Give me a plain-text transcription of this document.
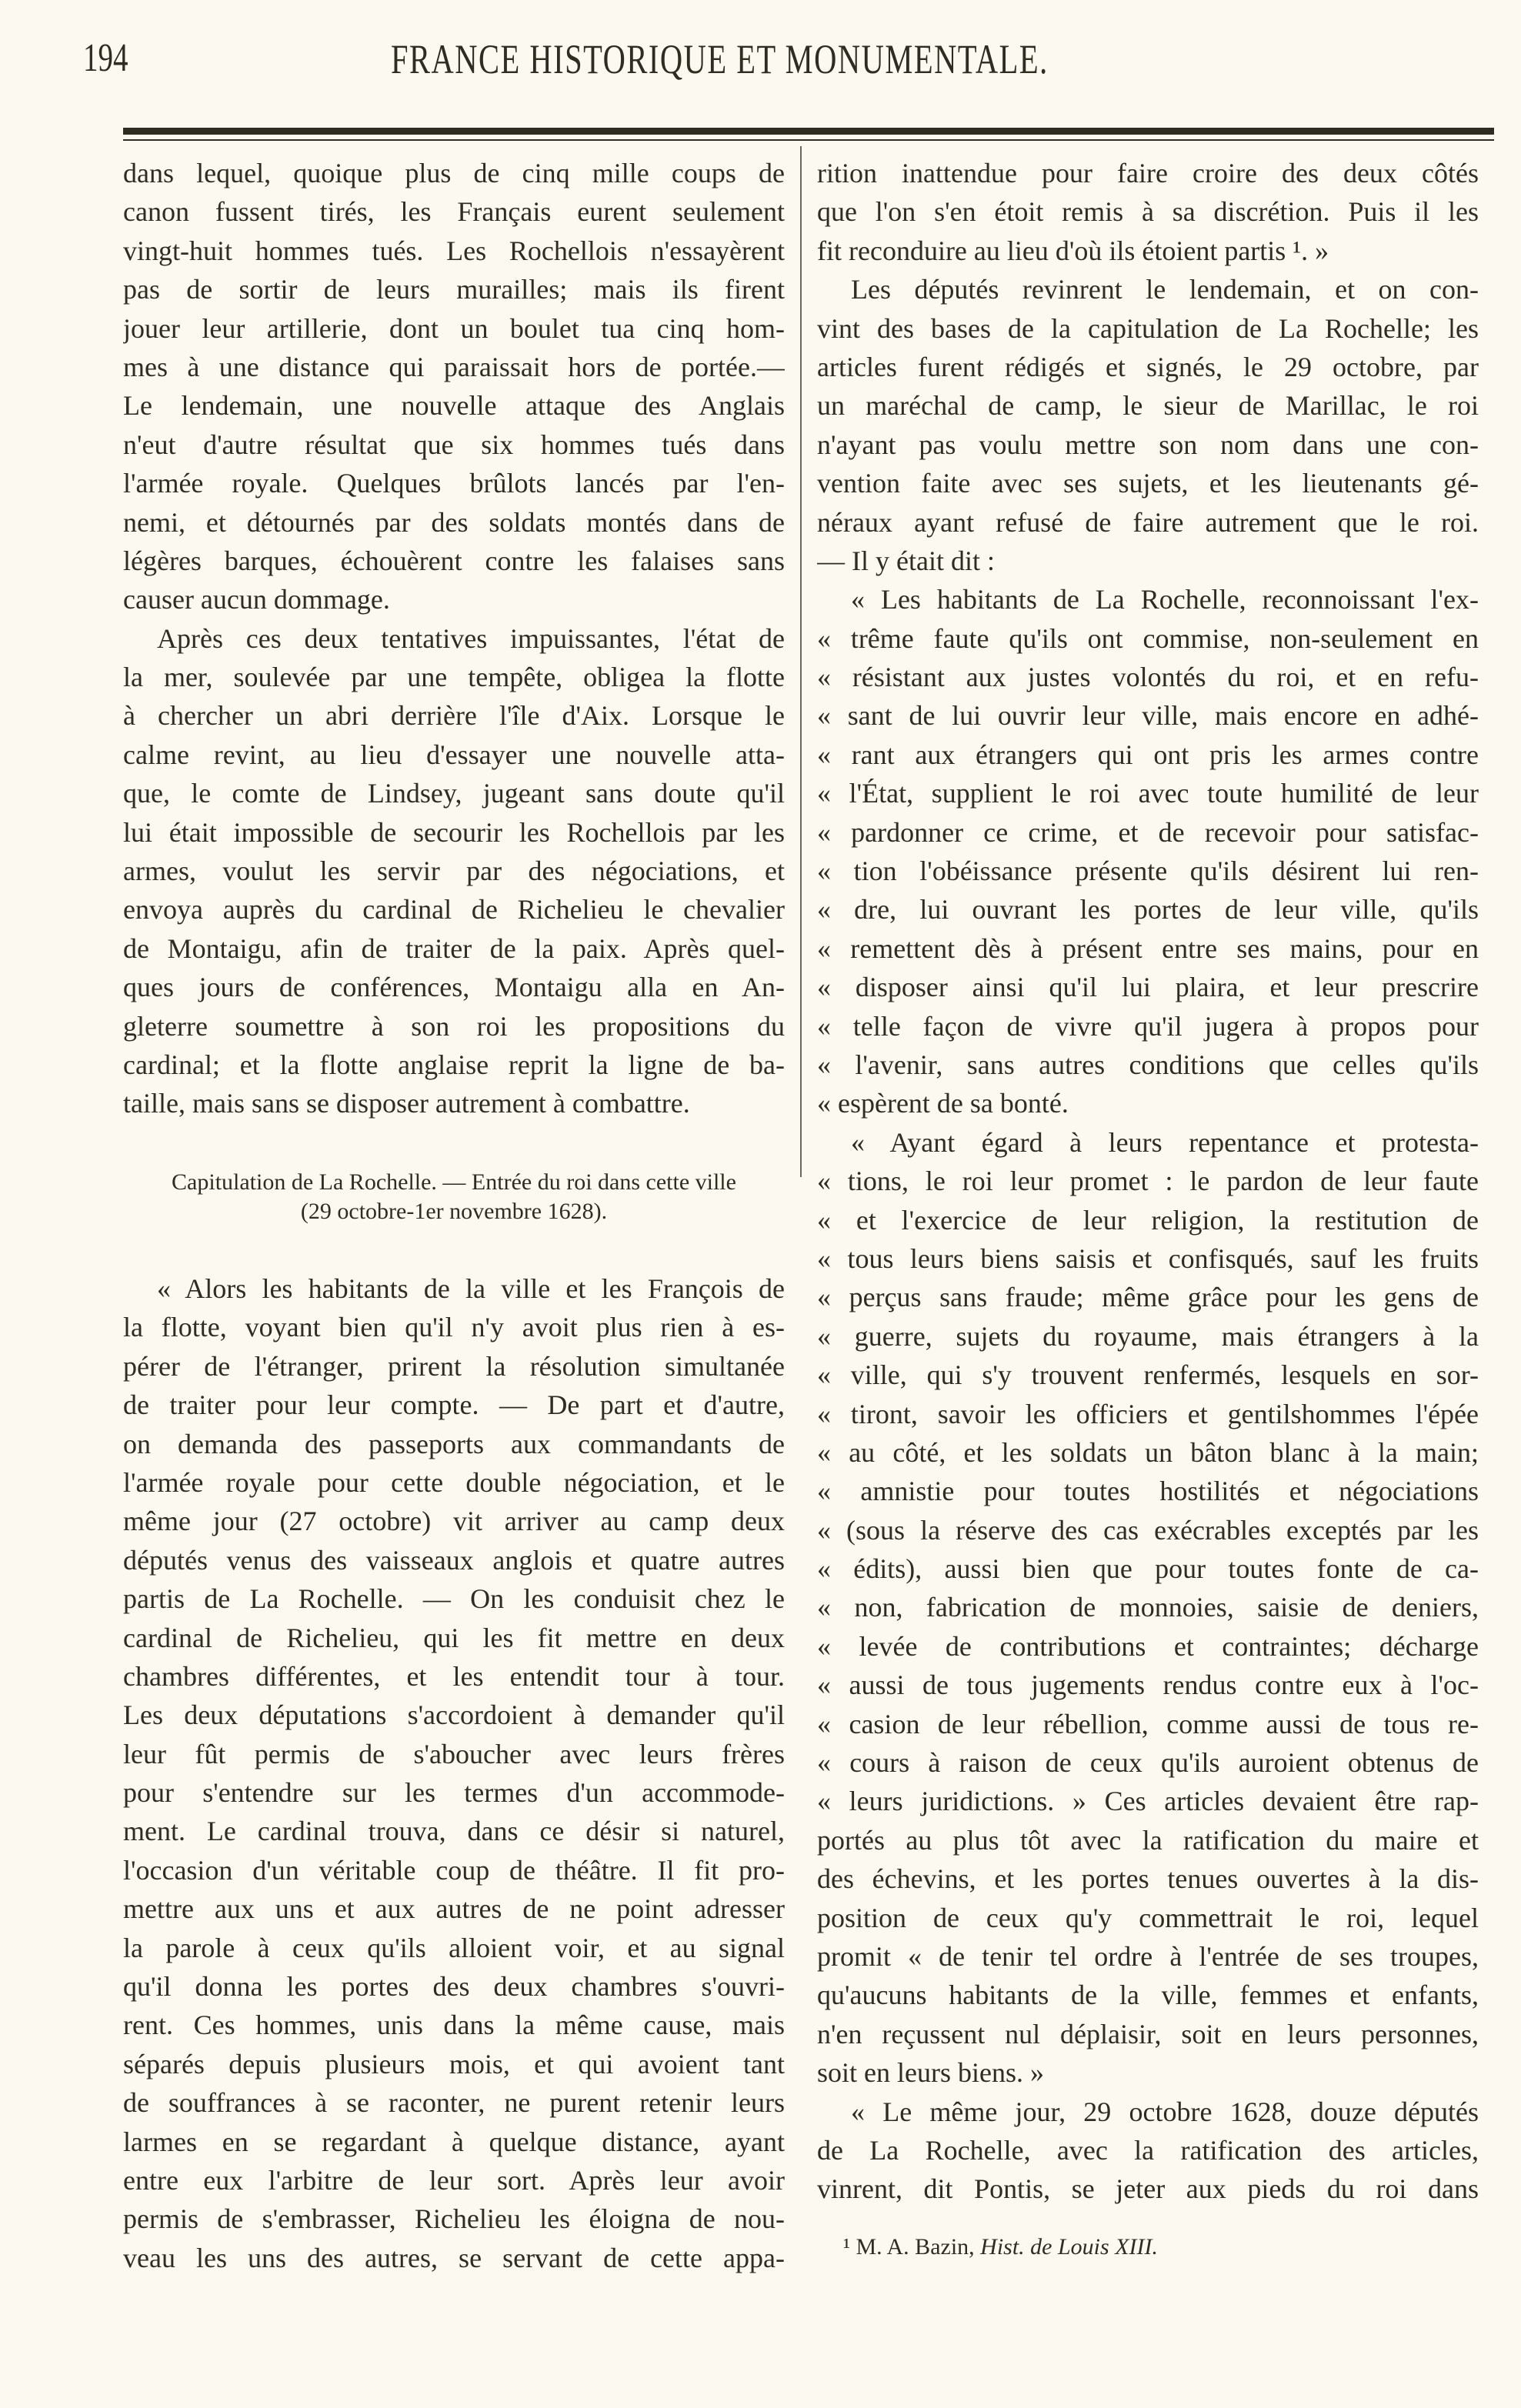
194	FRANCE HISTORIQUE ET MONUMENTALE.
dans lequel, quoique plus de cinq mille coups de
canon fussent tirés, les Français eurent seulement
vingt-huit hommes tués. Les Rochellois n'essayèrent
pas de sortir de leurs murailles; mais ils firent
jouer leur artillerie, dont un boulet tua cinq hom-
mes à une distance qui paraissait hors de portée.—
Le lendemain, une nouvelle attaque des Anglais
n'eut d'autre résultat que six hommes tués dans
l'armée royale. Quelques brûlots lancés par l'en-
nemi, et détournés par des soldats montés dans de
légères barques, échouèrent contre les falaises sans
causer aucun dommage.
Après ces deux tentatives impuissantes, l'état de
la mer, soulevée par une tempête, obligea la flotte
à chercher un abri derrière l'île d'Aix. Lorsque le
calme revint, au lieu d'essayer une nouvelle atta-
que, le comte de Lindsey, jugeant sans doute qu'il
lui était impossible de secourir les Rochellois par les
armes, voulut les servir par des négociations, et
envoya auprès du cardinal de Richelieu le chevalier
de Montaigu, afin de traiter de la paix. Après quel-
ques jours de conférences, Montaigu alla en An-
gleterre soumettre à son roi les propositions du
cardinal; et la flotte anglaise reprit la ligne de ba-
taille, mais sans se disposer autrement à combattre.
Capitulation de La Rochelle. — Entrée du roi dans cette ville
(29 octobre-1er novembre 1628).
« Alors les habitants de la ville et les François de
la flotte, voyant bien qu'il n'y avoit plus rien à es-
pérer de l'étranger, prirent la résolution simultanée
de traiter pour leur compte. — De part et d'autre,
on demanda des passeports aux commandants de
l'armée royale pour cette double négociation, et le
même jour (27 octobre) vit arriver au camp deux
députés venus des vaisseaux anglois et quatre autres
partis de La Rochelle. — On les conduisit chez le
cardinal de Richelieu, qui les fit mettre en deux
chambres différentes, et les entendit tour à tour.
Les deux députations s'accordoient à demander qu'il
leur fût permis de s'aboucher avec leurs frères
pour s'entendre sur les termes d'un accommode-
ment. Le cardinal trouva, dans ce désir si naturel,
l'occasion d'un véritable coup de théâtre. Il fit pro-
mettre aux uns et aux autres de ne point adresser
la parole à ceux qu'ils alloient voir, et au signal
qu'il donna les portes des deux chambres s'ouvri-
rent. Ces hommes, unis dans la même cause, mais
séparés depuis plusieurs mois, et qui avoient tant
de souffrances à se raconter, ne purent retenir leurs
larmes en se regardant à quelque distance, ayant
entre eux l'arbitre de leur sort. Après leur avoir
permis de s'embrasser, Richelieu les éloigna de nou-
veau les uns des autres, se servant de cette appa-
rition inattendue pour faire croire des deux côtés
que l'on s'en étoit remis à sa discrétion. Puis il les
fit reconduire au lieu d'où ils étoient partis ¹. »
Les députés revinrent le lendemain, et on con-
vint des bases de la capitulation de La Rochelle; les
articles furent rédigés et signés, le 29 octobre, par
un maréchal de camp, le sieur de Marillac, le roi
n'ayant pas voulu mettre son nom dans une con-
vention faite avec ses sujets, et les lieutenants gé-
néraux ayant refusé de faire autrement que le roi.
— Il y était dit :
« Les habitants de La Rochelle, reconnoissant l'ex-
« trême faute qu'ils ont commise, non-seulement en
« résistant aux justes volontés du roi, et en refu-
« sant de lui ouvrir leur ville, mais encore en adhé-
« rant aux étrangers qui ont pris les armes contre
« l'État, supplient le roi avec toute humilité de leur
« pardonner ce crime, et de recevoir pour satisfac-
« tion l'obéissance présente qu'ils désirent lui ren-
« dre, lui ouvrant les portes de leur ville, qu'ils
« remettent dès à présent entre ses mains, pour en
« disposer ainsi qu'il lui plaira, et leur prescrire
« telle façon de vivre qu'il jugera à propos pour
« l'avenir, sans autres conditions que celles qu'ils
« espèrent de sa bonté.
« Ayant égard à leurs repentance et protesta-
« tions, le roi leur promet : le pardon de leur faute
« et l'exercice de leur religion, la restitution de
« tous leurs biens saisis et confisqués, sauf les fruits
« perçus sans fraude; même grâce pour les gens de
« guerre, sujets du royaume, mais étrangers à la
« ville, qui s'y trouvent renfermés, lesquels en sor-
« tiront, savoir les officiers et gentilshommes l'épée
« au côté, et les soldats un bâton blanc à la main;
« amnistie pour toutes hostilités et négociations
« (sous la réserve des cas exécrables exceptés par les
« édits), aussi bien que pour toutes fonte de ca-
« non, fabrication de monnoies, saisie de deniers,
« levée de contributions et contraintes; décharge
« aussi de tous jugements rendus contre eux à l'oc-
« casion de leur rébellion, comme aussi de tous re-
« cours à raison de ceux qu'ils auroient obtenus de
« leurs juridictions. » Ces articles devaient être rap-
portés au plus tôt avec la ratification du maire et
des échevins, et les portes tenues ouvertes à la dis-
position de ceux qu'y commettrait le roi, lequel
promit « de tenir tel ordre à l'entrée de ses troupes,
qu'aucuns habitants de la ville, femmes et enfants,
n'en reçussent nul déplaisir, soit en leurs personnes,
soit en leurs biens. »
« Le même jour, 29 octobre 1628, douze députés
de La Rochelle, avec la ratification des articles,
vinrent, dit Pontis, se jeter aux pieds du roi dans
¹ M. A. Bazin, Hist. de Louis XIII.
